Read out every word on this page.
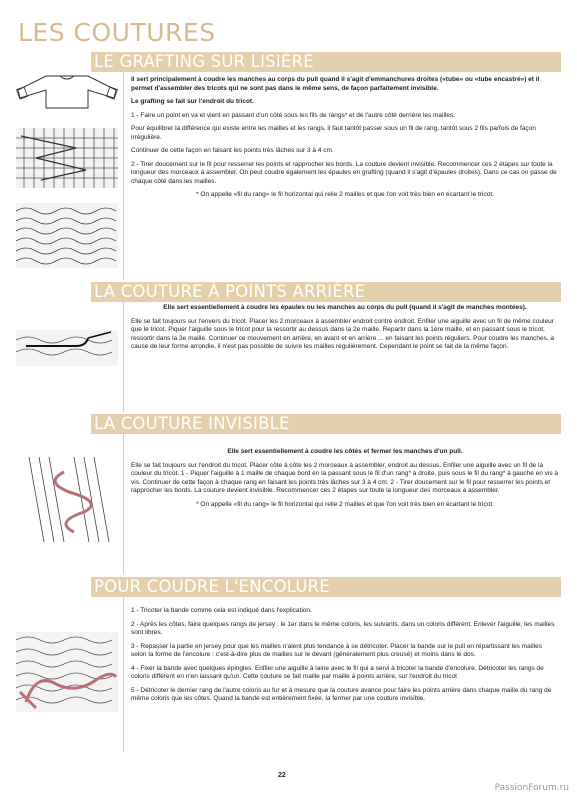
LES COUTURES
LE GRAFTING SUR LISIÈRE

Il sert principalement à coudre les manches au corps du pull quand il s'agit d'emmanchures droites («tube» ou «tube encastré») et il permet d'assembler des tricots qui ne sont pas dans le même sens, de façon parfaitement invisible.

Le grafting se fait sur l'endroit du tricot.

1 - Faire un point en va et vient en passant d'un côté sous les fils de rangs* et de l'autre côté derrière les mailles.

Pour équilibrer la différence qui existe entre les mailles et les rangs, il faut tantôt passer sous un fil de rang, tantôt sous 2 fils parfois de façon irrégulière.

Continuer de cette façon en faisant les points très lâches sur 3 à 4 cm.

2 - Tirer doucement sur le fil pour resserrer les points et rapprocher les bords. La couture devient invisible. Recommencer ces 2 étapes sur toute la longueur des morceaux à assembler. On peut coudre également les épaules en grafting (quand il s'agit d'épaules droites). Dans ce cas on passe de chaque côté dans les mailles.

* On appelle «fil du rang» le fil horizontal qui relie 2 mailles et que l'on voit très bien en écartant le tricot.

LA COUTURE À POINTS ARRIÈRE

Elle sert essentiellement à coudre les épaules ou les manches au corps du pull (quand il s'agit de manches montées).

Elle se fait toujours sur l'envers du tricot. Placer les 2 morceaux à assembler endroit contre endroit. Enfiler une aiguille avec un fil de même couleur que le tricot. Piquer l'aiguille sous le tricot pour la ressortir au dessus dans la 2e maille. Repartir dans la 1ère maille, et en passant sous le tricot, ressortir dans la 3e maille. Continuer ce mouvement en arrière, en avant et en arrière ... en faisant les points réguliers. Pour coudre les manches, à cause de leur forme arrondie, il n'est pas possible de suivre les mailles régulièrement. Cependant le point se fait de la même façon.

LA COUTURE INVISIBLE

Elle sert essentiellement à coudre les côtés et fermer les manches d'un pull.

Elle se fait toujours sur l'endroit du tricot. Placer côte à côte les 2 morceaux à assembler, endroit au dessus. Enfiler une aiguille avec un fil de la couleur du tricot. 1 - Piquer l'aiguille à 1 maille de chaque bord en la passant sous le fil d'un rang* à droite, puis sous le fil du rang* à gauche en vis à vis. Continuer de cette façon à chaque rang en faisant les points très lâches sur 3 à 4 cm. 2 - Tirer doucement sur le fil pour resserrer les points et rapprocher les bords. La couture devient invisible. Recommencer ces 2 étapes sur toute la longueur des morceaux à assembler.

* On appelle «fil du rang» le fil horizontal qui relie 2 mailles et que l'on voit très bien en écartant le tricot.

POUR COUDRE L'ENCOLURE

1 - Tricoter la bande comme cela est indiqué dans l'explication.

2 - Après les côtes, faire quelques rangs de jersey : le 1er dans le même coloris, les suivants, dans un coloris différent. Enlever l'aiguille, les mailles sont libres.

3 - Repasser la partie en jersey pour que les mailles n'aient plus tendance à se détricoter. Placer la bande sur le pull en répartissant les mailles selon la forme de l'encolure : c'est-à-dire plus de mailles sur le devant (généralement plus creusé) et moins dans le dos.

4 - Fixer la bande avec quelques épingles. Enfiler une aiguille à laine avec le fil qui a servi à tricoter la bande d'encolure. Détricoter les rangs de coloris différent en n'en laissant qu'un. Cette couture se fait maille par maille à points arrière, sur l'endroit du tricot

5 - Détricoter le dernier rang de l'autre coloris au fur et à mesure que la couture avance pour faire les points arrière dans chaque maille du rang de même coloris que les côtes. Quand la bande est entièrement fixée, la fermer par une couture invisible.

22
PassionForum.ru
